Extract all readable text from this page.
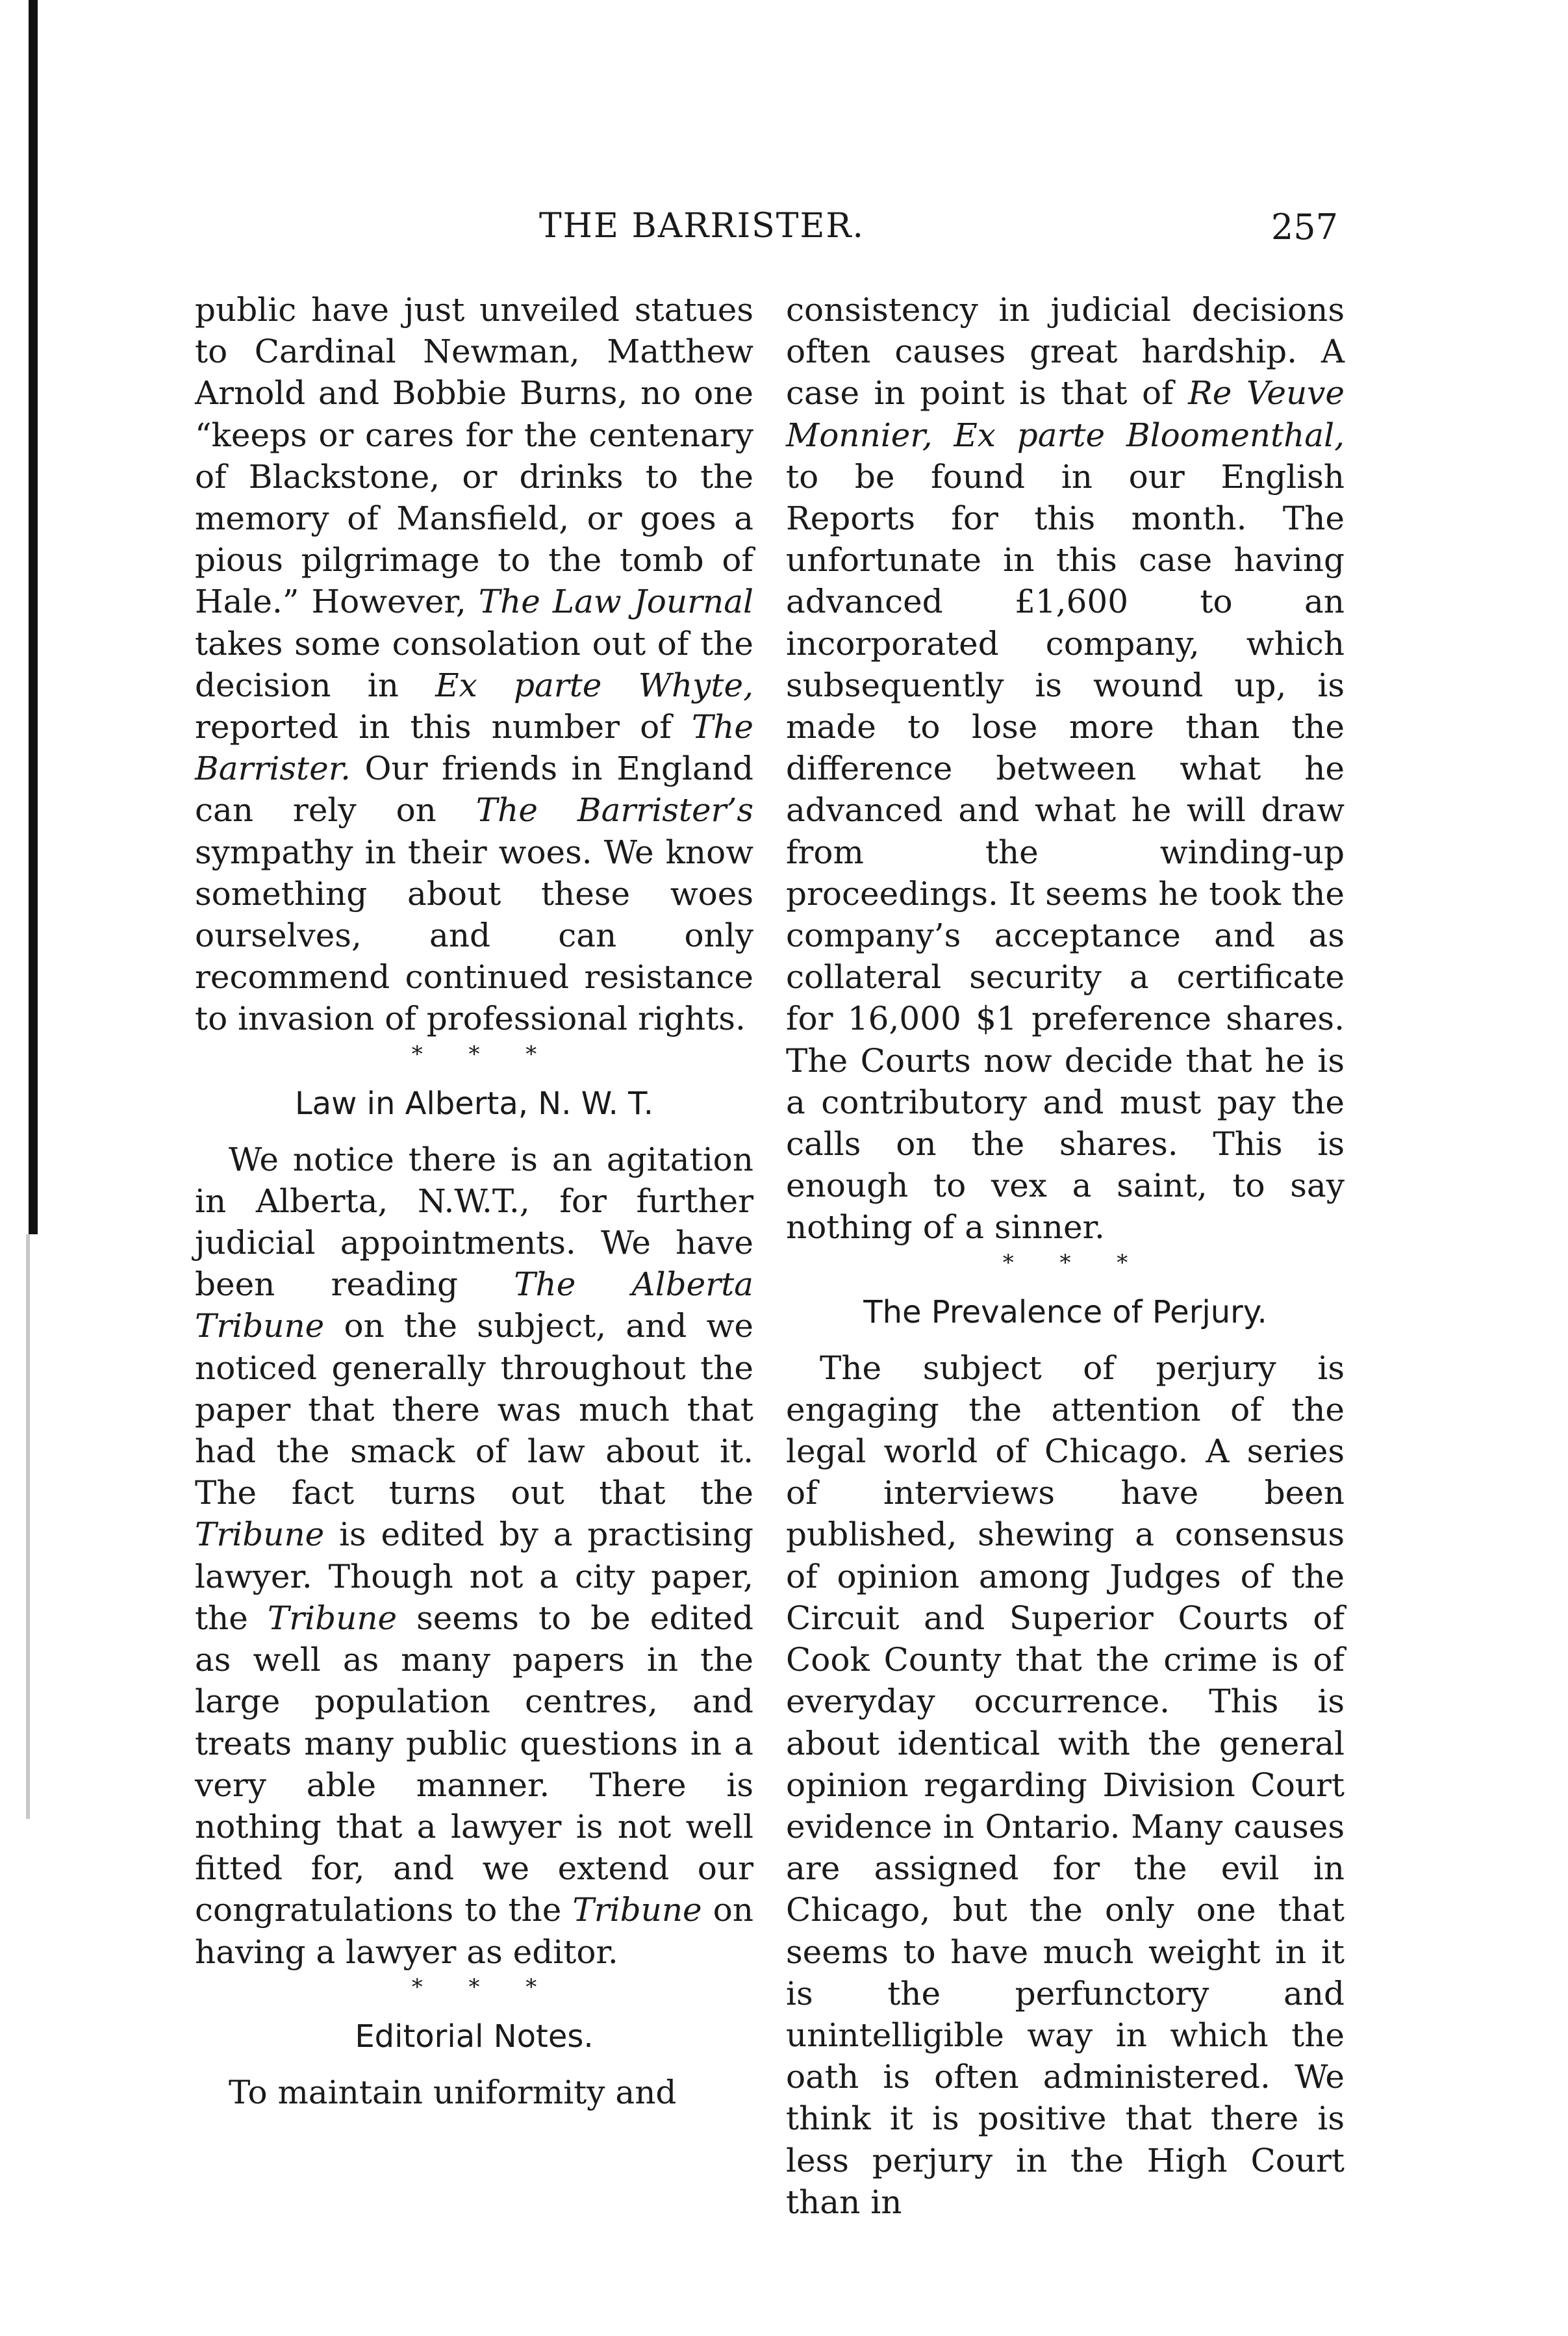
THE BARRISTER.	257

public have just unveiled statues to Cardinal Newman, Matthew Arnold and Bobbie Burns, no one “keeps or cares for the centenary of Blackstone, or drinks to the memory of Mansfield, or goes a pious pilgrimage to the tomb of Hale.” However, The Law Journal takes some consolation out of the decision in Ex parte Whyte, reported in this number of The Barrister. Our friends in England can rely on The Barrister’s sympathy in their woes. We know something about these woes ourselves, and can only recommend continued resistance to invasion of professional rights.

* * *
Law in Alberta, N. W. T.

We notice there is an agitation in Alberta, N.W.T., for further judicial appointments. We have been reading The Alberta Tribune on the subject, and we noticed generally throughout the paper that there was much that had the smack of law about it. The fact turns out that the Tribune is edited by a practising lawyer. Though not a city paper, the Tribune seems to be edited as well as many papers in the large population centres, and treats many public questions in a very able manner. There is nothing that a lawyer is not well fitted for, and we extend our congratulations to the Tribune on having a lawyer as editor.

* * *
Editorial Notes.

To maintain uniformity and

consistency in judicial decisions often causes great hardship. A case in point is that of Re Veuve Monnier, Ex parte Bloomenthal, to be found in our English Reports for this month. The unfortunate in this case having advanced £1,600 to an incorporated company, which subsequently is wound up, is made to lose more than the difference between what he advanced and what he will draw from the winding-up proceedings. It seems he took the company’s acceptance and as collateral security a certificate for 16,000 $1 preference shares. The Courts now decide that he is a contributory and must pay the calls on the shares. This is enough to vex a saint, to say nothing of a sinner.

* * *
The Prevalence of Perjury.

The subject of perjury is engaging the attention of the legal world of Chicago. A series of interviews have been published, shewing a consensus of opinion among Judges of the Circuit and Superior Courts of Cook County that the crime is of everyday occurrence. This is about identical with the general opinion regarding Division Court evidence in Ontario. Many causes are assigned for the evil in Chicago, but the only one that seems to have much weight in it is the perfunctory and unintelligible way in which the oath is often administered. We think it is positive that there is less perjury in the High Court than in
